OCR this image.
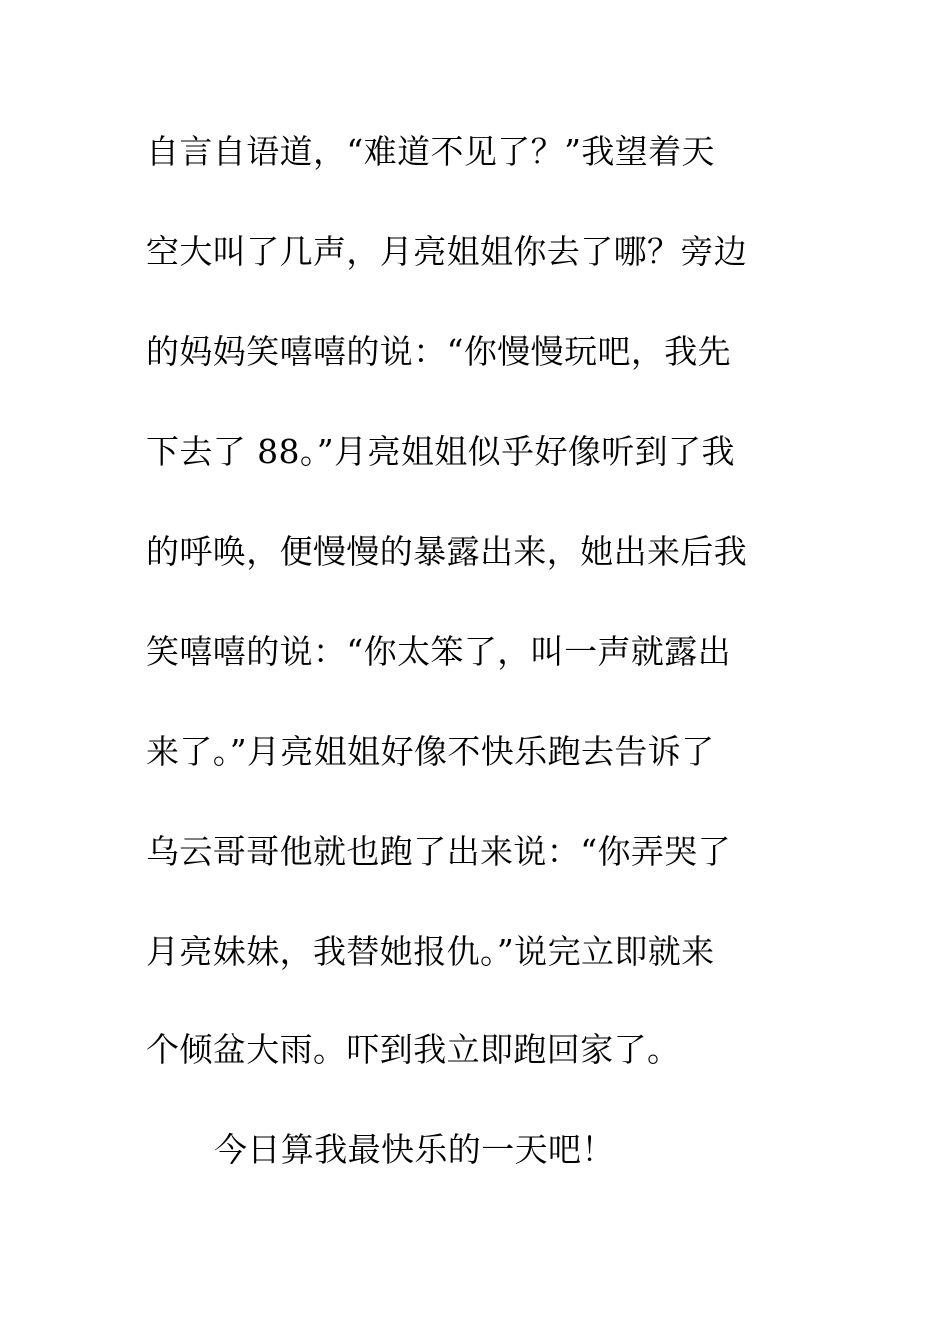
自言自语道，“难道不见了？”我望着天
空大叫了几声，月亮姐姐你去了哪？旁边
的妈妈笑嘻嘻的说：“你慢慢玩吧，我先
下去了 88。”月亮姐姐似乎好像听到了我
的呼唤，便慢慢的暴露出来，她出来后我
笑嘻嘻的说：“你太笨了，叫一声就露出
来了。”月亮姐姐好像不快乐跑去告诉了
乌云哥哥他就也跑了出来说：“你弄哭了
月亮妹妹，我替她报仇。”说完立即就来
个倾盆大雨。吓到我立即跑回家了。
今日算我最快乐的一天吧！
